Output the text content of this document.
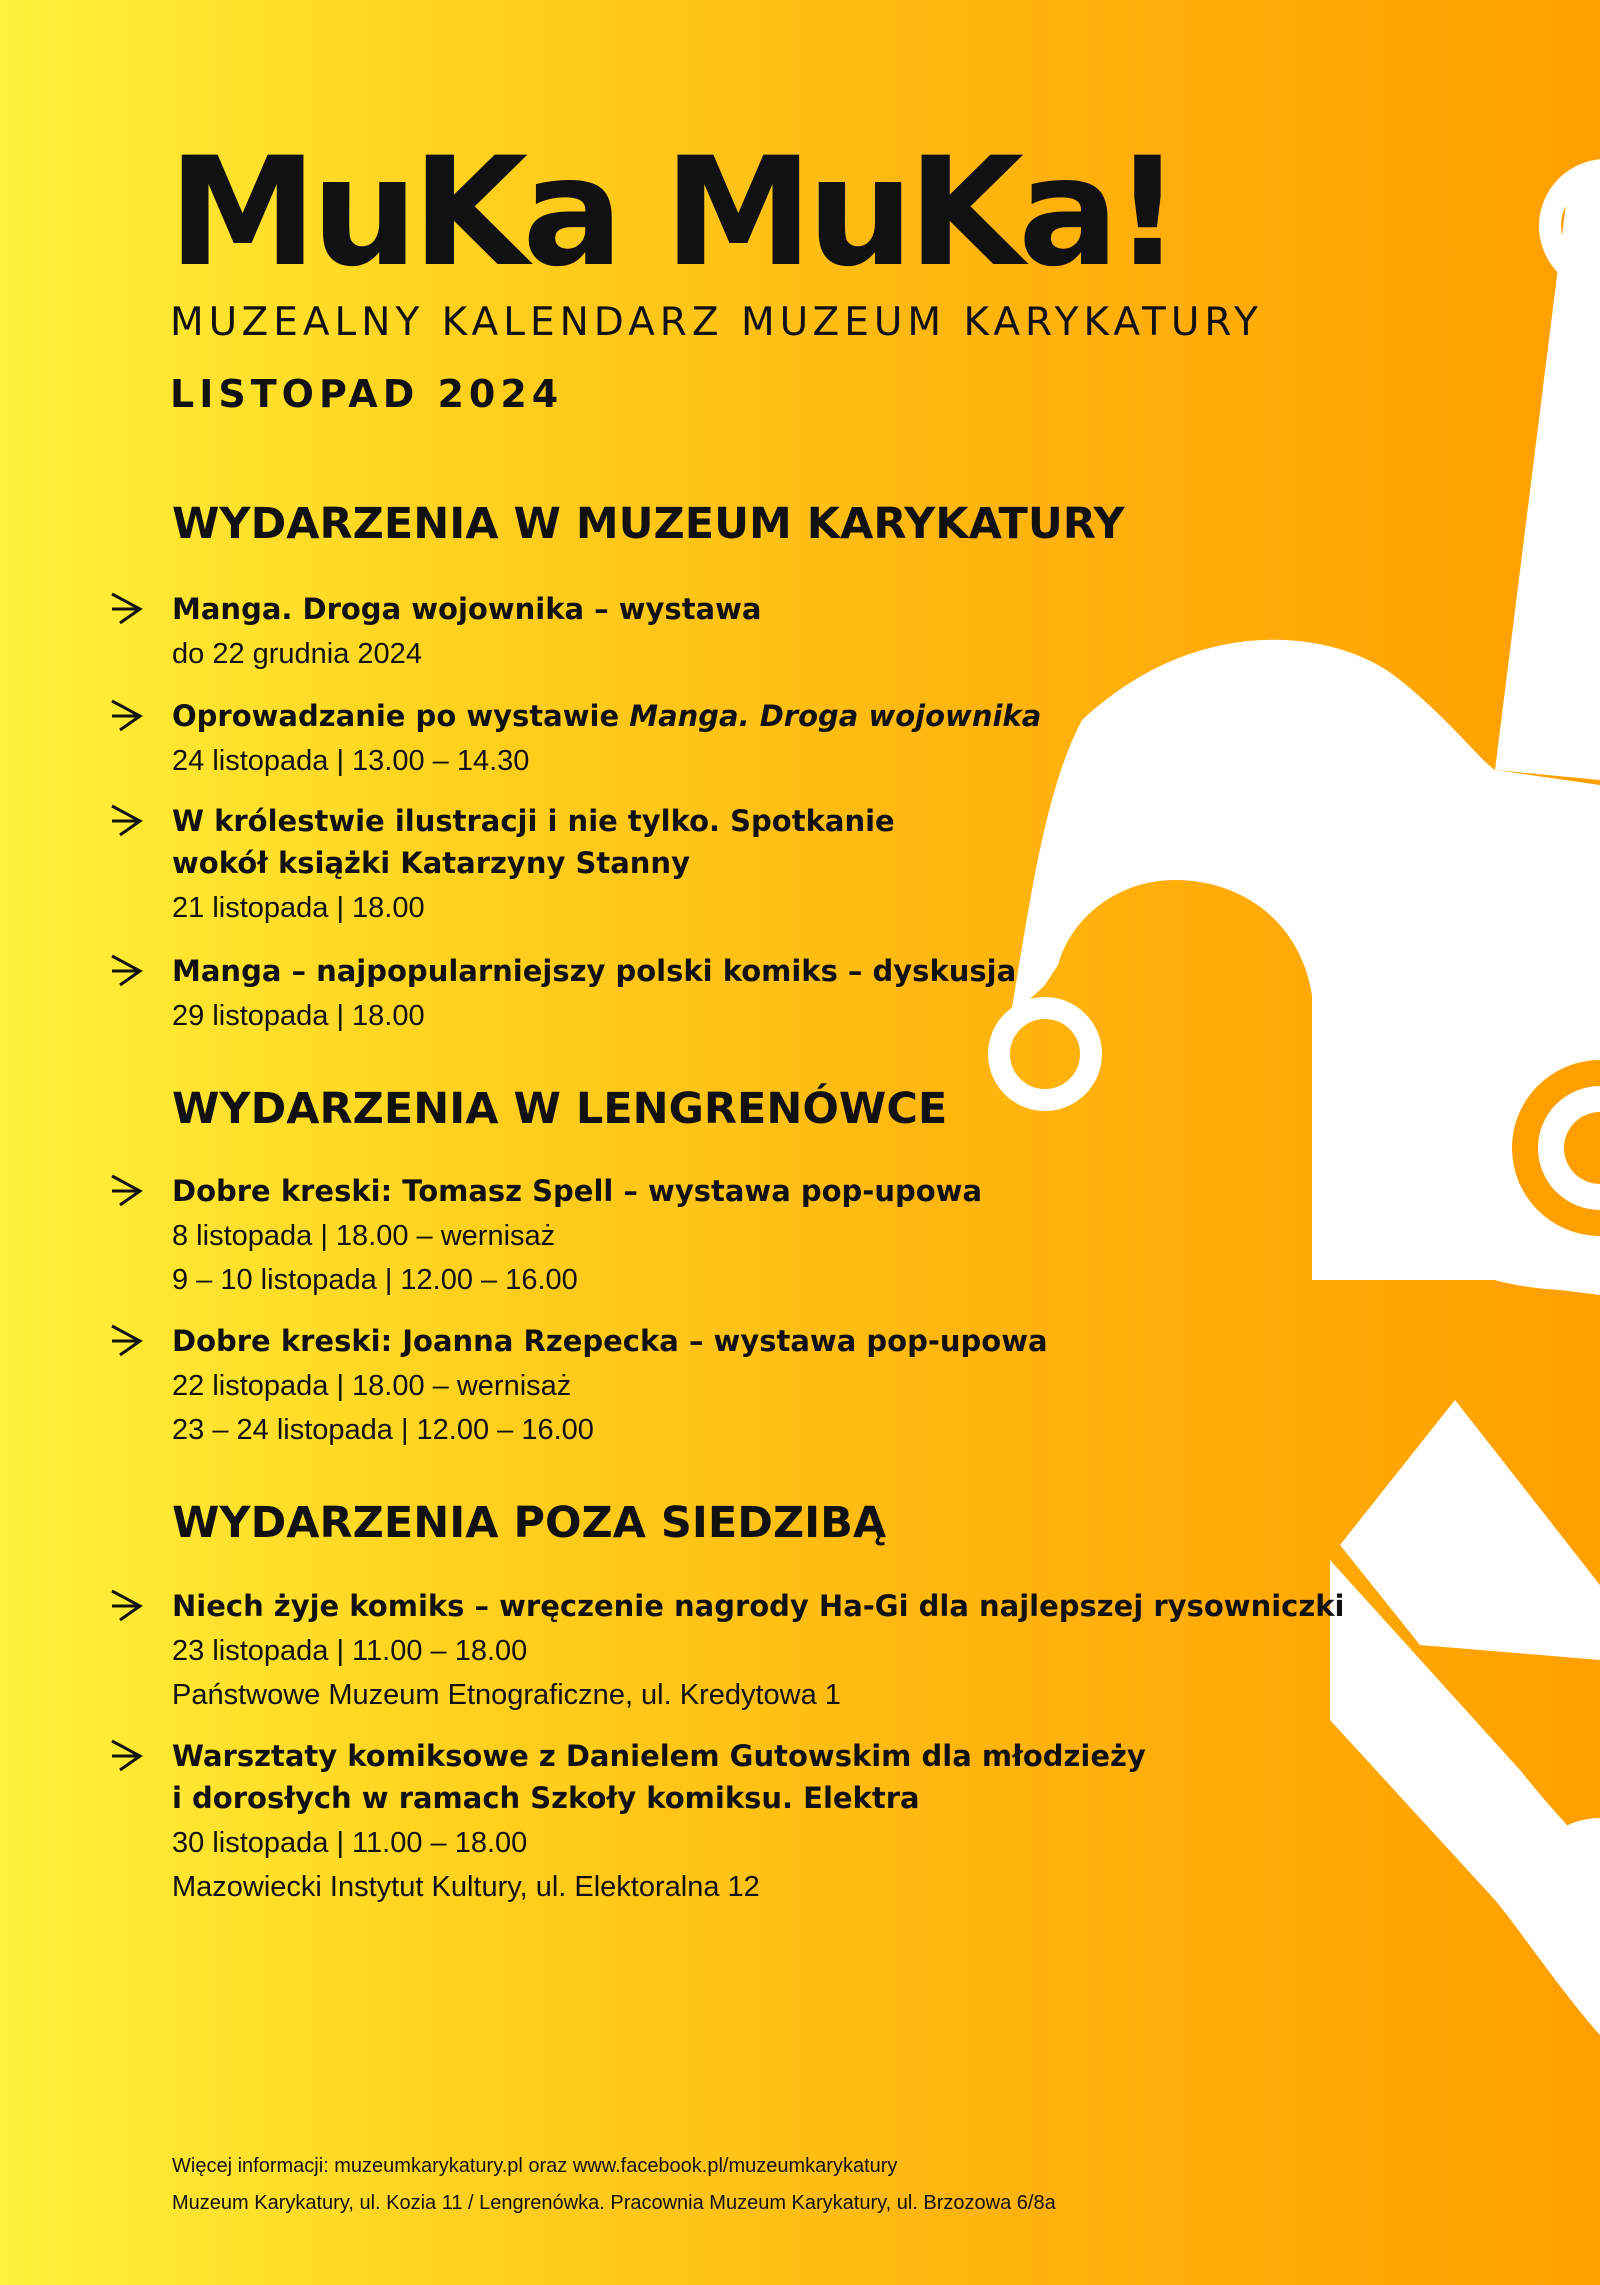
MuKa MuKa!
MUZEALNY KALENDARZ MUZEUM KARYKATURY
LISTOPAD 2024
WYDARZENIA W MUZEUM KARYKATURY
Manga. Droga wojownika – wystawa
do 22 grudnia 2024
Oprowadzanie po wystawie Manga. Droga wojownika
24 listopada | 13.00 – 14.30
W królestwie ilustracji i nie tylko. Spotkanie
wokół książki Katarzyny Stanny
21 listopada | 18.00
Manga – najpopularniejszy polski komiks – dyskusja
29 listopada | 18.00
WYDARZENIA W LENGRENÓWCE
Dobre kreski: Tomasz Spell – wystawa pop-upowa
8 listopada | 18.00 – wernisaż
9 – 10 listopada | 12.00 – 16.00
Dobre kreski: Joanna Rzepecka – wystawa pop-upowa
22 listopada | 18.00 – wernisaż
23 – 24 listopada | 12.00 – 16.00
WYDARZENIA POZA SIEDZIBĄ
Niech żyje komiks – wręczenie nagrody Ha-Gi dla najlepszej rysowniczki
23 listopada | 11.00 – 18.00
Państwowe Muzeum Etnograficzne, ul. Kredytowa 1
Warsztaty komiksowe z Danielem Gutowskim dla młodzieży
i dorosłych w ramach Szkoły komiksu. Elektra
30 listopada | 11.00 – 18.00
Mazowiecki Instytut Kultury, ul. Elektoralna 12
Więcej informacji: muzeumkarykatury.pl oraz www.facebook.pl/muzeumkarykatury
Muzeum Karykatury, ul. Kozia 11 / Lengrenówka. Pracownia Muzeum Karykatury, ul. Brzozowa 6/8a
